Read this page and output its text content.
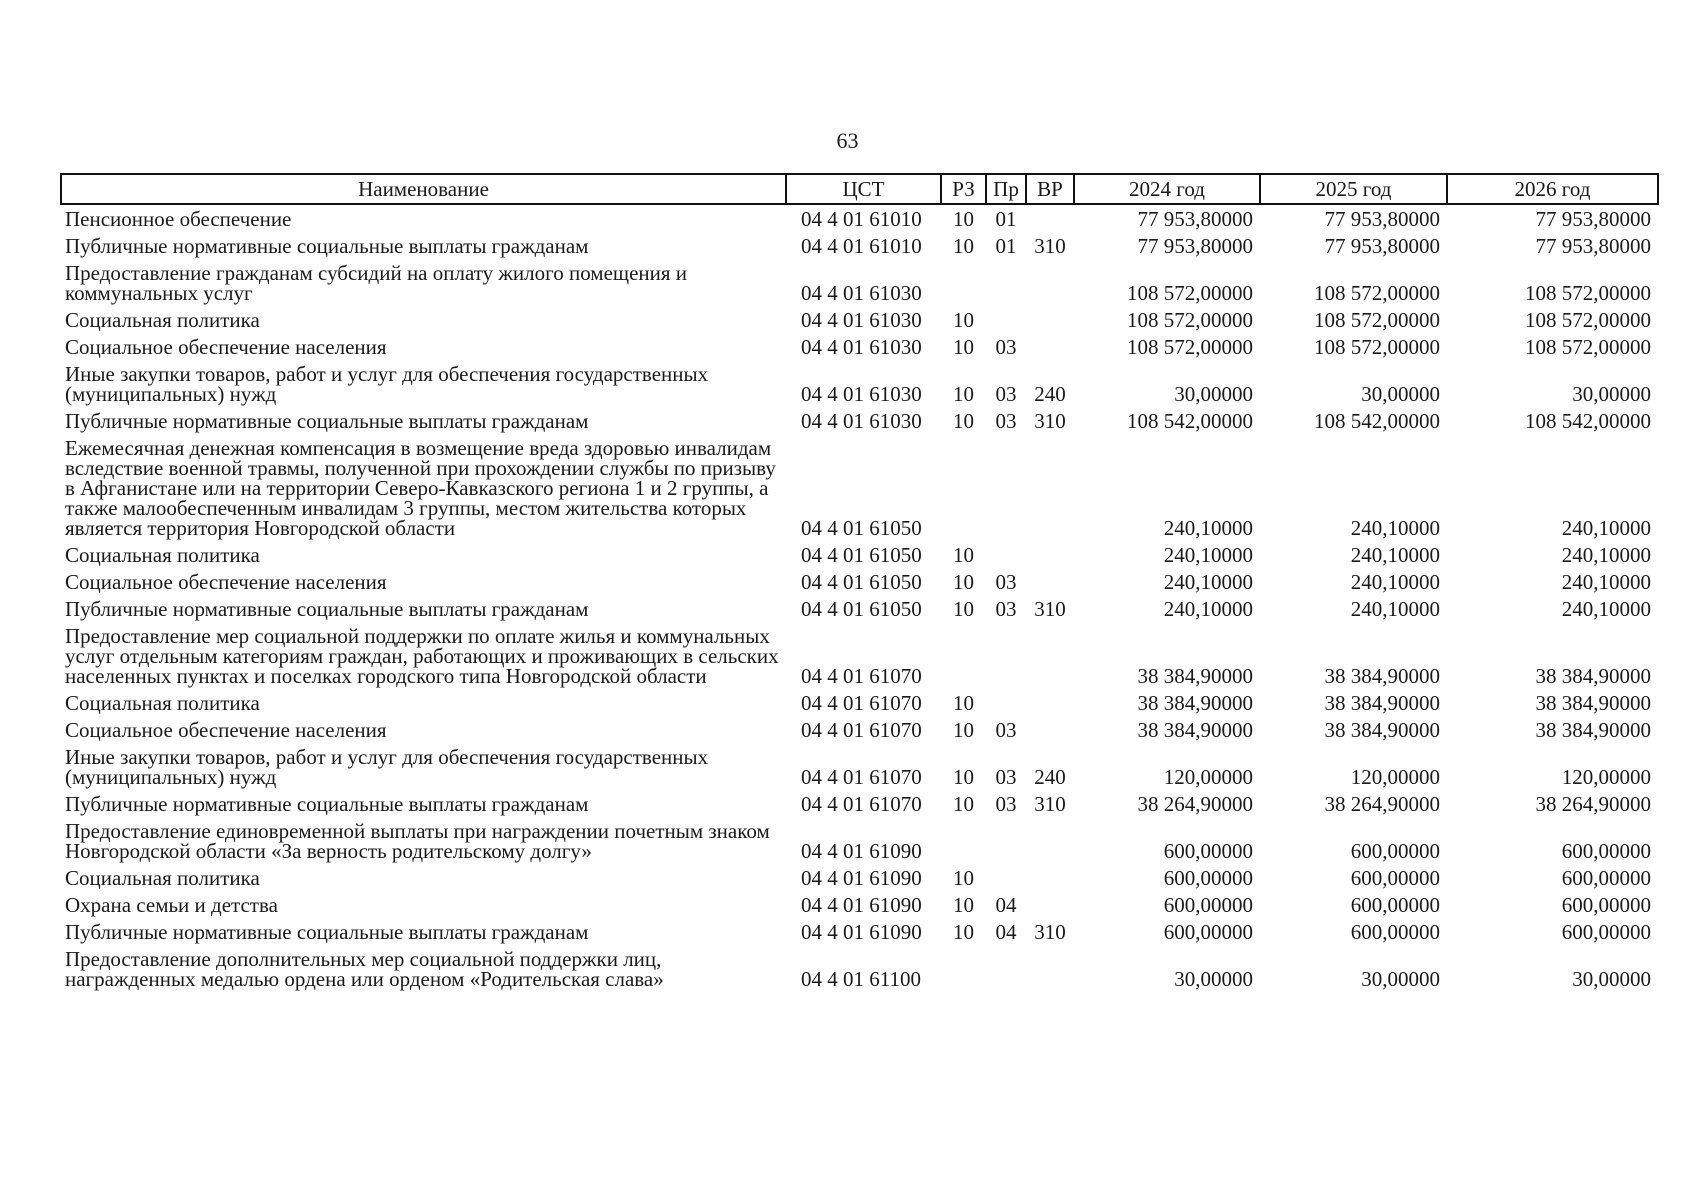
63
Наименование	ЦСТ	РЗ	Пр	ВР	2024 год	2025 год	2026 год
Пенсионное обеспечение	04 4 01 61010	10	01		77 953,80000	77 953,80000	77 953,80000
Публичные нормативные социальные выплаты гражданам	04 4 01 61010	10	01	310	77 953,80000	77 953,80000	77 953,80000
Предоставление гражданам субсидий на оплату жилого помещения и коммунальных услуг	04 4 01 61030				108 572,00000	108 572,00000	108 572,00000
Социальная политика	04 4 01 61030	10			108 572,00000	108 572,00000	108 572,00000
Социальное обеспечение населения	04 4 01 61030	10	03		108 572,00000	108 572,00000	108 572,00000
Иные закупки товаров, работ и услуг для обеспечения государственных (муниципальных) нужд	04 4 01 61030	10	03	240	30,00000	30,00000	30,00000
Публичные нормативные социальные выплаты гражданам	04 4 01 61030	10	03	310	108 542,00000	108 542,00000	108 542,00000
Ежемесячная денежная компенсация в возмещение вреда здоровью инвалидам вследствие военной травмы, полученной при прохождении службы по призыву в Афганистане или на территории Северо-Кавказского региона 1 и 2 группы, а также малообеспеченным инвалидам 3 группы, местом жительства которых является территория Новгородской области	04 4 01 61050				240,10000	240,10000	240,10000
Социальная политика	04 4 01 61050	10			240,10000	240,10000	240,10000
Социальное обеспечение населения	04 4 01 61050	10	03		240,10000	240,10000	240,10000
Публичные нормативные социальные выплаты гражданам	04 4 01 61050	10	03	310	240,10000	240,10000	240,10000
Предоставление мер социальной поддержки по оплате жилья и коммунальных услуг отдельным категориям граждан, работающих и проживающих в сельских населенных пунктах и поселках городского типа Новгородской области	04 4 01 61070				38 384,90000	38 384,90000	38 384,90000
Социальная политика	04 4 01 61070	10			38 384,90000	38 384,90000	38 384,90000
Социальное обеспечение населения	04 4 01 61070	10	03		38 384,90000	38 384,90000	38 384,90000
Иные закупки товаров, работ и услуг для обеспечения государственных (муниципальных) нужд	04 4 01 61070	10	03	240	120,00000	120,00000	120,00000
Публичные нормативные социальные выплаты гражданам	04 4 01 61070	10	03	310	38 264,90000	38 264,90000	38 264,90000
Предоставление единовременной выплаты при награждении почетным знаком Новгородской области «За верность родительскому долгу»	04 4 01 61090				600,00000	600,00000	600,00000
Социальная политика	04 4 01 61090	10			600,00000	600,00000	600,00000
Охрана семьи и детства	04 4 01 61090	10	04		600,00000	600,00000	600,00000
Публичные нормативные социальные выплаты гражданам	04 4 01 61090	10	04	310	600,00000	600,00000	600,00000
Предоставление дополнительных мер социальной поддержки лиц, награжденных медалью ордена или орденом «Родительская слава»	04 4 01 61100				30,00000	30,00000	30,00000
